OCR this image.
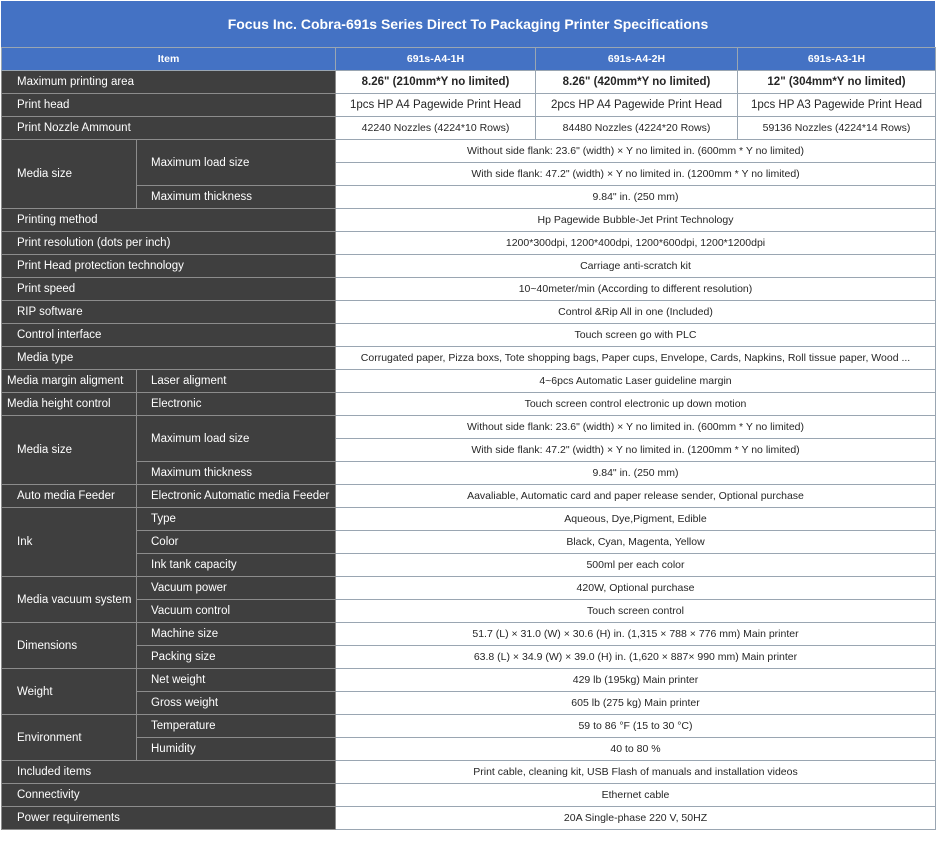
Focus Inc. Cobra-691s Series Direct To Packaging Printer Specifications
Item		691s-A4-1H	691s-A4-2H	691s-A3-1H
Maximum printing area		8.26" (210mm*Y no limited)	8.26" (420mm*Y no limited)	12" (304mm*Y no limited)
Print head		1pcs HP A4 Pagewide Print Head	2pcs HP A4 Pagewide Print Head	1pcs HP A3 Pagewide Print Head
Print Nozzle Ammount		42240 Nozzles (4224*10 Rows)	84480 Nozzles (4224*20 Rows)	59136 Nozzles (4224*14 Rows)
Media size	Maximum load size	Without side flank: 23.6" (width) × Y no limited in. (600mm * Y no limited)		
		With side flank: 47.2" (width) × Y no limited in. (1200mm * Y no limited)		
	Maximum thickness	9.84" in. (250 mm)		
Printing method		Hp Pagewide Bubble-Jet Print Technology		
Print resolution (dots per inch)		1200*300dpi, 1200*400dpi, 1200*600dpi, 1200*1200dpi		
Print Head protection technology		Carriage anti-scratch kit		
Print speed		10~40meter/min (According to different resolution)		
RIP software		Control &Rip All in one (Included)		
Control interface		Touch screen go with PLC		
Media type		Corrugated paper, Pizza boxs, Tote shopping bags, Paper cups, Envelope, Cards, Napkins, Roll tissue paper, Wood ...		
Media margin aligment	Laser aligment	4~6pcs Automatic Laser guideline margin		
Media height control	Electronic	Touch screen control electronic up down motion		
Media size	Maximum load size	Without side flank: 23.6" (width) × Y no limited in. (600mm * Y no limited)		
		With side flank: 47.2" (width) × Y no limited in. (1200mm * Y no limited)		
	Maximum thickness	9.84" in. (250 mm)		
Auto media Feeder	Electronic Automatic media Feeder	Aavaliable, Automatic card and paper release sender, Optional purchase		
Ink	Type	Aqueous, Dye,Pigment, Edible		
	Color	Black, Cyan, Magenta, Yellow		
	Ink tank capacity	500ml per each color		
Media vacuum system	Vacuum power	420W, Optional purchase		
	Vacuum control	Touch screen control		
Dimensions	Machine size	51.7 (L) × 31.0 (W) × 30.6 (H) in. (1,315 × 788 × 776 mm) Main printer		
	Packing size	63.8 (L) × 34.9 (W) × 39.0 (H) in. (1,620 × 887× 990 mm) Main printer		
Weight	Net weight	429 lb (195kg) Main printer		
	Gross weight	605 lb (275 kg) Main printer		
Environment	Temperature	59 to 86 °F (15 to 30 °C)		
	Humidity	40 to 80 %		
Included items		Print cable, cleaning kit, USB Flash of manuals and installation videos		
Connectivity		Ethernet cable		
Power requirements		20A Single-phase 220 V, 50HZ		
